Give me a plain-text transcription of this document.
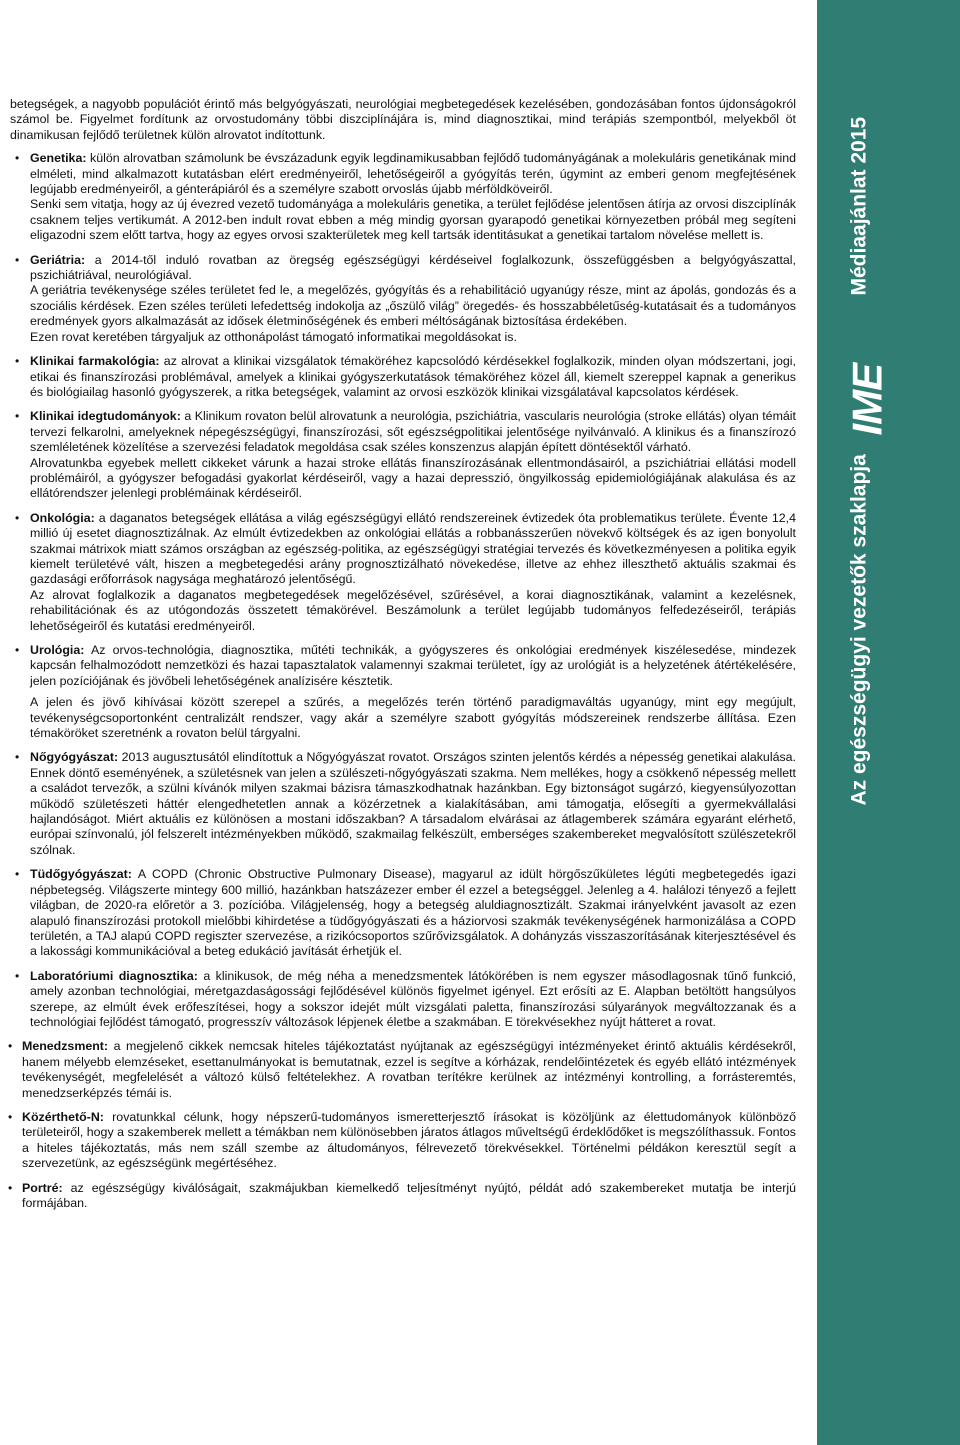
Az egészségügyi vezetők szaklapja
IME
Médiaajánlat 2015

betegségek, a nagyobb populációt érintő más belgyógyászati, neurológiai megbetegedések kezelésében, gondozásában fontos újdonságokról számol be. Figyelmet fordítunk az orvostudomány többi diszciplínájára is, mind diagnosztikai, mind terápiás szempontból, melyekből öt dinamikusan fejlődő területnek külön alrovatot indítottunk.

• Genetika: külön alrovatban számolunk be évszázadunk egyik legdinamikusabban fejlődő tudományágának a molekuláris genetikának mind elméleti, mind alkalmazott kutatásban elért eredményeiről, lehetőségeiről a gyógyítás terén, úgymint az emberi genom megfejtésének legújabb eredményeiről, a génterápiáról és a személyre szabott orvoslás újabb mérföldköveiről.

Senki sem vitatja, hogy az új évezred vezető tudományága a molekuláris genetika, a terület fejlődése jelentősen átírja az orvosi diszciplínák csaknem teljes vertikumát. A 2012-ben indult rovat ebben a még mindig gyorsan gyarapodó genetikai környezetben próbál meg segíteni eligazodni szem előtt tartva, hogy az egyes orvosi szakterületek meg kell tartsák identitásukat a genetikai tartalom növelése mellett is.

• Geriátria: a 2014-től induló rovatban az öregség egészségügyi kérdéseivel foglalkozunk, összefüggésben a belgyógyászattal, pszichiátriával, neurológiával.

A geriátria tevékenysége széles területet fed le, a megelőzés, gyógyítás és a rehabilitáció ugyanúgy része, mint az ápolás, gondozás és a szociális kérdések. Ezen széles területi lefedettség indokolja az „őszülő világ” öregedés- és hosszabbéletűség-kutatásait és a tudományos eredmények gyors alkalmazását az idősek életminőségének és emberi méltóságának biztosítása érdekében.

Ezen rovat keretében tárgyaljuk az otthonápolást támogató informatikai megoldásokat is.

• Klinikai farmakológia: az alrovat a klinikai vizsgálatok témaköréhez kapcsolódó kérdésekkel foglalkozik, minden olyan módszertani, jogi, etikai és finanszírozási problémával, amelyek a klinikai gyógyszerkutatások témaköréhez közel áll, kiemelt szereppel kapnak a generikus és biológiailag hasonló gyógyszerek, a ritka betegségek, valamint az orvosi eszközök klinikai vizsgálatával kapcsolatos kérdések.

• Klinikai idegtudományok: a Klinikum rovaton belül alrovatunk a neurológia, pszichiátria, vascularis neurológia (stroke ellátás) olyan témáit tervezi felkarolni, amelyeknek népegészségügyi, finanszírozási, sőt egészségpolitikai jelentősége nyilvánvaló. A klinikus és a finanszírozó szemléletének közelítése a szervezési feladatok megoldása csak széles konszenzus alapján épített döntésektől várható.

Alrovatunkba egyebek mellett cikkeket várunk a hazai stroke ellátás finanszírozásának ellentmondásairól, a pszichiátriai ellátási modell problémáiról, a gyógyszer befogadási gyakorlat kérdéseiről, vagy a hazai depresszió, öngyilkosság epidemiológiájának alakulása és az ellátórendszer jelenlegi problémáinak kérdéseiről.

• Onkológia: a daganatos betegségek ellátása a világ egészségügyi ellátó rendszereinek évtizedek óta problematikus területe. Évente 12,4 millió új esetet diagnosztizálnak. Az elmúlt évtizedekben az onkológiai ellátás a robbanásszerűen növekvő költségek és az igen bonyolult szakmai mátrixok miatt számos országban az egészség-politika, az egészségügyi stratégiai tervezés és következményesen a politika egyik kiemelt területévé vált, hiszen a megbetegedési arány prognosztizálható növekedése, illetve az ehhez illeszthető aktuális szakmai és gazdasági erőforrások nagysága meghatározó jelentőségű.

Az alrovat foglalkozik a daganatos megbetegedések megelőzésével, szűrésével, a korai diagnosztikának, valamint a kezelésnek, rehabilitációnak és az utógondozás összetett témakörével. Beszámolunk a terület legújabb tudományos felfedezéseiről, terápiás lehetőségeiről és kutatási eredményeiről.

• Urológia: Az orvos-technológia, diagnosztika, műtéti technikák, a gyógyszeres és onkológiai eredmények kiszélesedése, mindezek kapcsán felhalmozódott nemzetközi és hazai tapasztalatok valamennyi szakmai területet, így az urológiát is a helyzetének átértékelésére, jelen pozíciójának és jövőbeli lehetőségének analízisére késztetik.

A jelen és jövő kihívásai között szerepel a szűrés, a megelőzés terén történő paradigmaváltás ugyanúgy, mint egy megújult, tevékenységcsoportonként centralizált rendszer, vagy akár a személyre szabott gyógyítás módszereinek rendszerbe állítása. Ezen témaköröket szeretnénk a rovaton belül tárgyalni.

• Nőgyógyászat: 2013 augusztusától elindítottuk a Nőgyógyászat rovatot. Országos szinten jelentős kérdés a népesség genetikai alakulása. Ennek döntő eseményének, a születésnek van jelen a szülészeti-nőgyógyászati szakma. Nem mellékes, hogy a csökkenő népesség mellett a családot tervezők, a szülni kívánók milyen szakmai bázisra támaszkodhatnak hazánkban. Egy biztonságot sugárzó, kiegyensúlyozottan működő születészeti háttér elengedhetetlen annak a közérzetnek a kialakításában, ami támogatja, elősegíti a gyermekvállalási hajlandóságot. Miért aktuális ez különösen a mostani időszakban? A társadalom elvárásai az átlagemberek számára egyaránt elérhető, európai színvonalú, jól felszerelt intézményekben működő, szakmailag felkészült, emberséges szakembereket megvalósított szülészetekről szólnak.

• Tüdőgyógyászat: A COPD (Chronic Obstructive Pulmonary Disease), magyarul az idült hörgőszűkületes légúti megbetegedés igazi népbetegség. Világszerte mintegy 600 millió, hazánkban hatszázezer ember él ezzel a betegséggel. Jelenleg a 4. halálozi tényező a fejlett világban, de 2020-ra előretör a 3. pozícióba. Világjelenség, hogy a betegség aluldiagnosztizált. Szakmai irányelvként javasolt az ezen alapuló finanszírozási protokoll mielőbbi kihirdetése a tüdőgyógyászati és a háziorvosi szakmák tevékenységének harmonizálása a COPD területén, a TAJ alapú COPD regiszter szervezése, a rizikócsoportos szűrővizsgálatok. A dohányzás visszaszorításának kiterjesztésével és a lakossági kommunikációval a beteg edukáció javítását érhetjük el.

• Laboratóriumi diagnosztika: a klinikusok, de még néha a menedzsmentek látókörében is nem egyszer másodlagosnak tűnő funkció, amely azonban technológiai, méretgazdaságossági fejlődésével különös figyelmet igényel. Ezt erősíti az E. Alapban betöltött hangsúlyos szerepe, az elmúlt évek erőfeszítései, hogy a sokszor idejét múlt vizsgálati paletta, finanszírozási súlyarányok megváltozzanak és a technológiai fejlődést támogató, progresszív változások lépjenek életbe a szakmában. E törekvésekhez nyújt hátteret a rovat.

• Menedzsment: a megjelenő cikkek nemcsak hiteles tájékoztatást nyújtanak az egészségügyi intézményeket érintő aktuális kérdésekről, hanem mélyebb elemzéseket, esettanulmányokat is bemutatnak, ezzel is segítve a kórházak, rendelőintézetek és egyéb ellátó intézmények tevékenységét, megfelelését a változó külső feltételekhez. A rovatban terítékre kerülnek az intézményi kontrolling, a forrásteremtés, menedzserképzés témái is.

• Közérthető-N: rovatunkkal célunk, hogy népszerű-tudományos ismeretterjesztő írásokat is közöljünk az élettudományok különböző területeiről, hogy a szakemberek mellett a témákban nem különösebben járatos átlagos műveltségű érdeklődőket is megszólíthassuk. Fontos a hiteles tájékoztatás, más nem száll szembe az áltudományos, félrevezető törekvésekkel. Történelmi példákon keresztül segít a szervezetünk, az egészségünk megértéséhez.

• Portré: az egészségügy kiválóságait, szakmájukban kiemelkedő teljesítményt nyújtó, példát adó szakembereket mutatja be interjú formájában.
